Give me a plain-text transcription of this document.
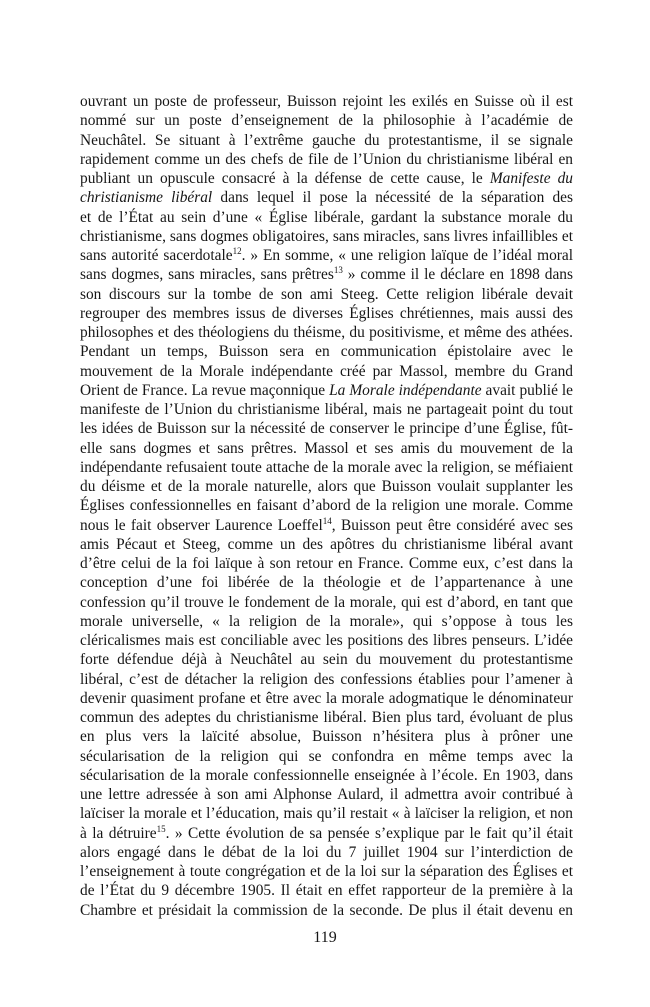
ouvrant un poste de professeur, Buisson rejoint les exilés en Suisse où il est
nommé sur un poste d’enseignement de la philosophie à l’académie de
Neuchâtel. Se situant à l’extrême gauche du protestantisme, il se signale
rapidement comme un des chefs de file de l’Union du christianisme libéral en
publiant un opuscule consacré à la défense de cette cause, le Manifeste du
christianisme libéral dans lequel il pose la nécessité de la séparation des
et de l’État au sein d’une « Église libérale, gardant la substance morale du
christianisme, sans dogmes obligatoires, sans miracles, sans livres infaillibles et
sans autorité sacerdotale$^{12}$. » En somme, « une religion laïque de l’idéal moral
sans dogmes, sans miracles, sans prêtres$^{13}$ » comme il le déclare en 1898 dans
son discours sur la tombe de son ami Steeg. Cette religion libérale devait
regrouper des membres issus de diverses Églises chrétiennes, mais aussi des
philosophes et des théologiens du théisme, du positivisme, et même des athées.
Pendant un temps, Buisson sera en communication épistolaire avec le
mouvement de la Morale indépendante créé par Massol, membre du Grand
Orient de France. La revue maçonnique La Morale indépendante avait publié le
manifeste de l’Union du christianisme libéral, mais ne partageait point du tout
les idées de Buisson sur la nécessité de conserver le principe d’une Église, fût-
elle sans dogmes et sans prêtres. Massol et ses amis du mouvement de la
indépendante refusaient toute attache de la morale avec la religion, se méfiaient
du déisme et de la morale naturelle, alors que Buisson voulait supplanter les
Églises confessionnelles en faisant d’abord de la religion une morale. Comme
nous le fait observer Laurence Loeffel$^{14}$, Buisson peut être considéré avec ses
amis Pécaut et Steeg, comme un des apôtres du christianisme libéral avant
d’être celui de la foi laïque à son retour en France. Comme eux, c’est dans la
conception d’une foi libérée de la théologie et de l’appartenance à une
confession qu’il trouve le fondement de la morale, qui est d’abord, en tant que
morale universelle, « la religion de la morale», qui s’oppose à tous les
cléricalismes mais est conciliable avec les positions des libres penseurs. L’idée
forte défendue déjà à Neuchâtel au sein du mouvement du protestantisme
libéral, c’est de détacher la religion des confessions établies pour l’amener à
devenir quasiment profane et être avec la morale adogmatique le dénominateur
commun des adeptes du christianisme libéral. Bien plus tard, évoluant de plus
en plus vers la laïcité absolue, Buisson n’hésitera plus à prôner une
sécularisation de la religion qui se confondra en même temps avec la
sécularisation de la morale confessionnelle enseignée à l’école. En 1903, dans
une lettre adressée à son ami Alphonse Aulard, il admettra avoir contribué à
laïciser la morale et l’éducation, mais qu’il restait « à laïciser la religion, et non
à la détruire$^{15}$. » Cette évolution de sa pensée s’explique par le fait qu’il était
alors engagé dans le débat de la loi du 7 juillet 1904 sur l’interdiction de
l’enseignement à toute congrégation et de la loi sur la séparation des Églises et
de l’État du 9 décembre 1905. Il était en effet rapporteur de la première à la
Chambre et présidait la commission de la seconde. De plus il était devenu en
119
